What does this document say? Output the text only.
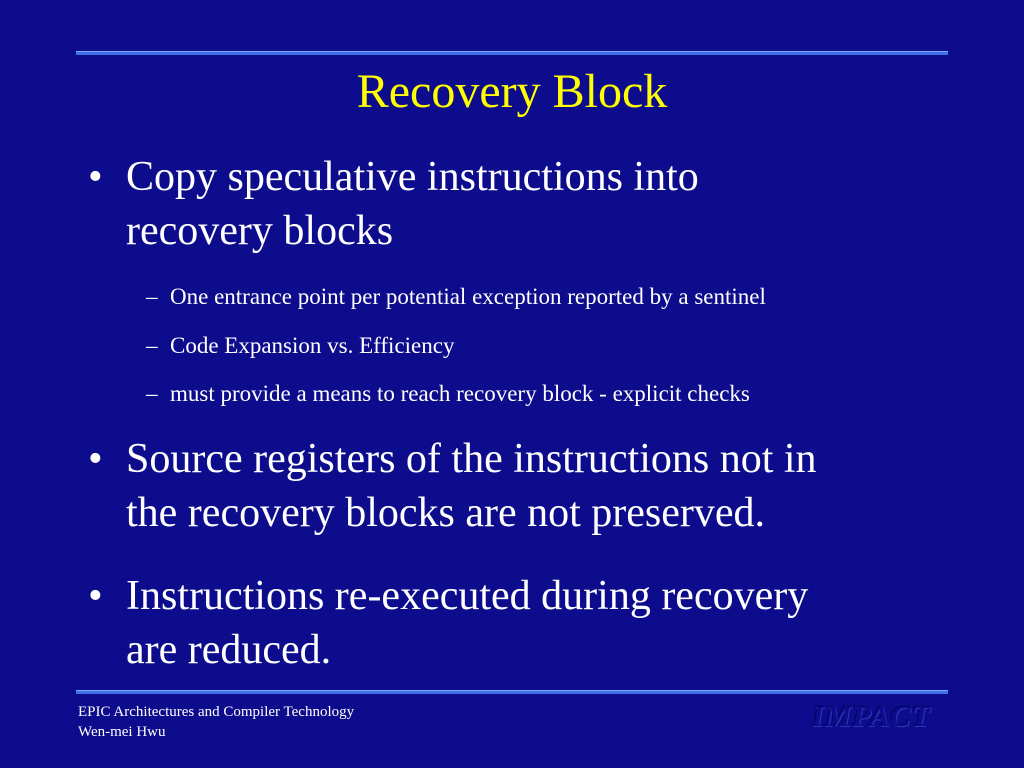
Recovery Block
• Copy speculative instructions into
recovery blocks
– One entrance point per potential exception reported by a sentinel
– Code Expansion vs. Efficiency
– must provide a means to reach recovery block - explicit checks
• Source registers of the instructions not in
the recovery blocks are not preserved.
• Instructions re-executed during recovery
are reduced.
EPIC Architectures and Compiler Technology
Wen-mei Hwu	IMPACT
